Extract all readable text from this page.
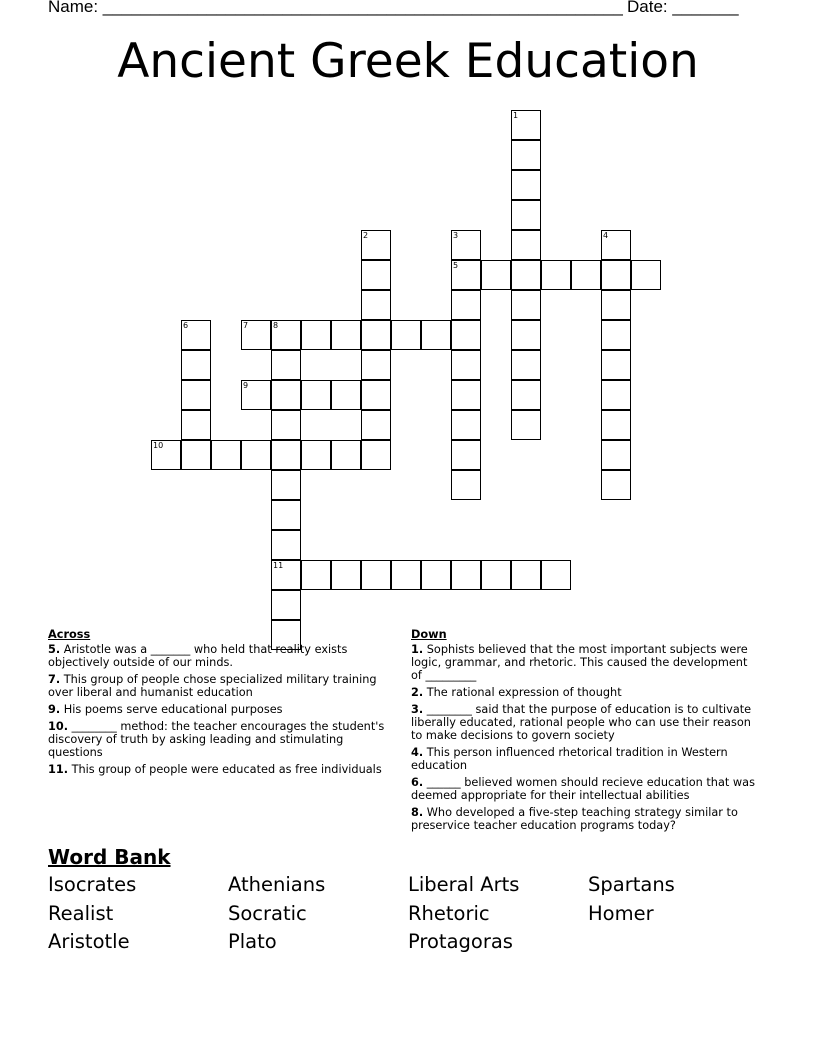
Name: _______________________________________________________ Date: _______
Ancient Greek Education
1
2	3
5
4
6	7	8
11
9
10
Across
5. Aristotle was a _______ who held that reality exists objectively outside of our minds.
7. This group of people chose specialized military training over liberal and humanist education
9. His poems serve educational purposes
10. ________ method: the teacher encourages the student's discovery of truth by asking leading and stimulating questions
11. This group of people were educated as free individuals
Down
1. Sophists believed that the most important subjects were logic, grammar, and rhetoric. This caused the development of _________
2. The rational expression of thought
3. ________ said that the purpose of education is to cultivate liberally educated, rational people who can use their reason to make decisions to govern society
4. This person influenced rhetorical tradition in Western education
6. ______ believed women should recieve education that was deemed appropriate for their intellectual abilities
8. Who developed a five-step teaching strategy similar to preservice teacher education programs today?
Word Bank
Isocrates	Athenians	Liberal Arts	Spartans
Realist	Socratic	Rhetoric	Homer
Aristotle	Plato	Protagoras
